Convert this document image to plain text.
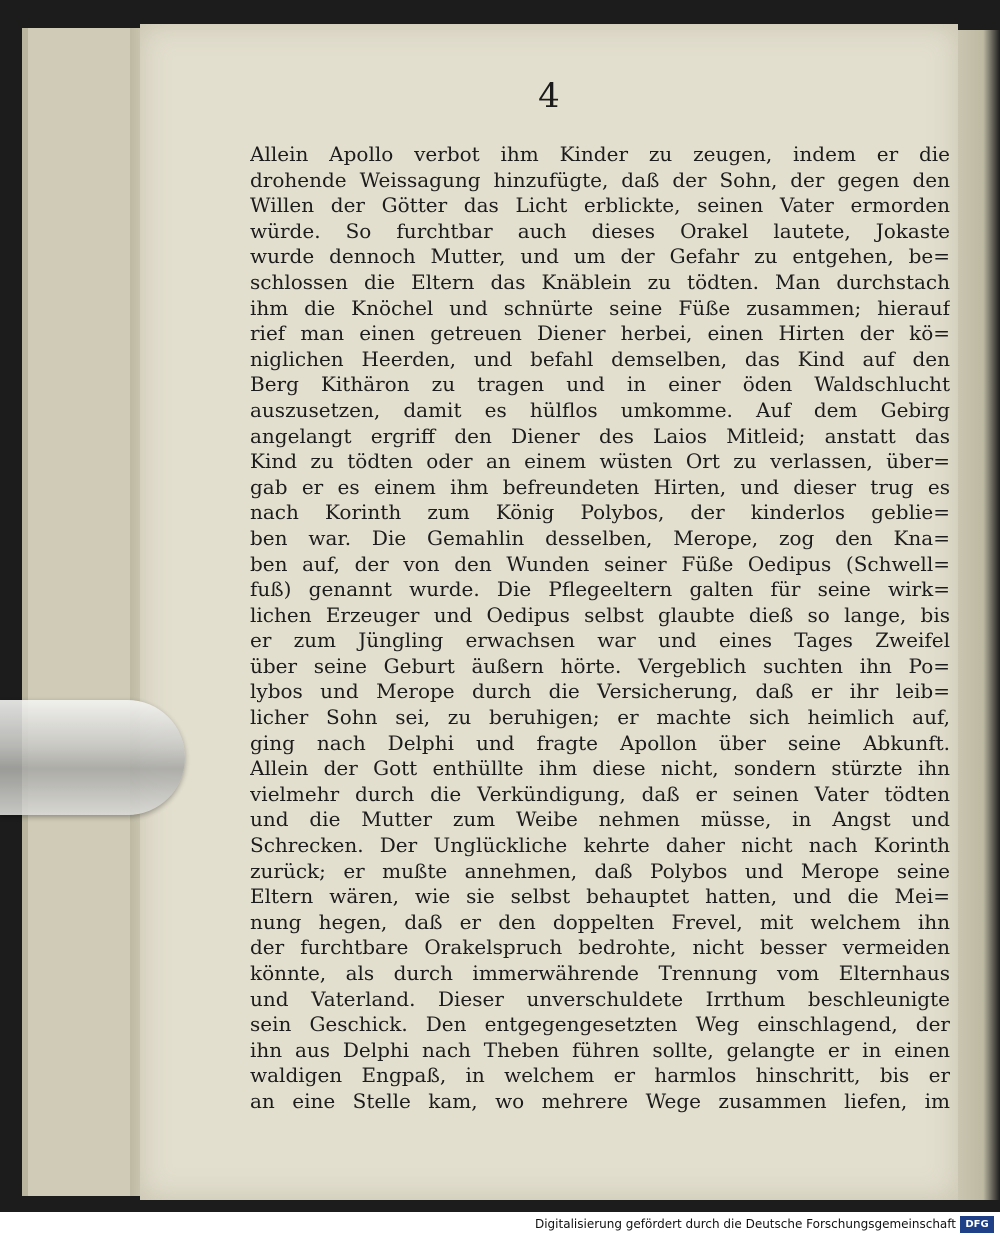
4
Allein Apollo verbot ihm Kinder zu zeugen, indem er die
drohende Weissagung hinzufügte, daß der Sohn, der gegen den
Willen der Götter das Licht erblickte, seinen Vater ermorden
würde. So furchtbar auch dieses Orakel lautete, Jokaste
wurde dennoch Mutter, und um der Gefahr zu entgehen, be=
schlossen die Eltern das Knäblein zu tödten. Man durchstach
ihm die Knöchel und schnürte seine Füße zusammen; hierauf
rief man einen getreuen Diener herbei, einen Hirten der kö=
niglichen Heerden, und befahl demselben, das Kind auf den
Berg Kithäron zu tragen und in einer öden Waldschlucht
auszusetzen, damit es hülflos umkomme. Auf dem Gebirg
angelangt ergriff den Diener des Laios Mitleid; anstatt das
Kind zu tödten oder an einem wüsten Ort zu verlassen, über=
gab er es einem ihm befreundeten Hirten, und dieser trug es
nach Korinth zum König Polybos, der kinderlos geblie=
ben war. Die Gemahlin desselben, Merope, zog den Kna=
ben auf, der von den Wunden seiner Füße Oedipus (Schwell=
fuß) genannt wurde. Die Pflegeeltern galten für seine wirk=
lichen Erzeuger und Oedipus selbst glaubte dieß so lange, bis
er zum Jüngling erwachsen war und eines Tages Zweifel
über seine Geburt äußern hörte. Vergeblich suchten ihn Po=
lybos und Merope durch die Versicherung, daß er ihr leib=
licher Sohn sei, zu beruhigen; er machte sich heimlich auf,
ging nach Delphi und fragte Apollon über seine Abkunft.
Allein der Gott enthüllte ihm diese nicht, sondern stürzte ihn
vielmehr durch die Verkündigung, daß er seinen Vater tödten
und die Mutter zum Weibe nehmen müsse, in Angst und
Schrecken. Der Unglückliche kehrte daher nicht nach Korinth
zurück; er mußte annehmen, daß Polybos und Merope seine
Eltern wären, wie sie selbst behauptet hatten, und die Mei=
nung hegen, daß er den doppelten Frevel, mit welchem ihn
der furchtbare Orakelspruch bedrohte, nicht besser vermeiden
könnte, als durch immerwährende Trennung vom Elternhaus
und Vaterland. Dieser unverschuldete Irrthum beschleunigte
sein Geschick. Den entgegengesetzten Weg einschlagend, der
ihn aus Delphi nach Theben führen sollte, gelangte er in einen
waldigen Engpaß, in welchem er harmlos hinschritt, bis er
an eine Stelle kam, wo mehrere Wege zusammen liefen, im
Digitalisierung gefördert durch die Deutsche Forschungsgemeinschaft DFG
